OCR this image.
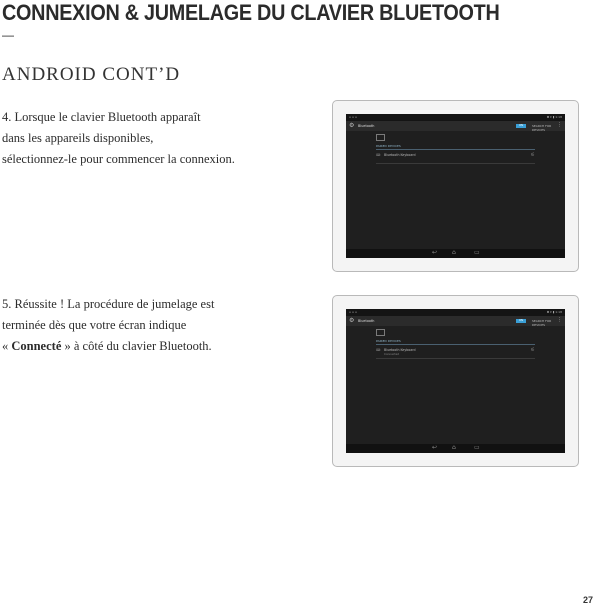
CONNEXION & JUMELAGE DU CLAVIER BLUETOOTH
—
ANDROID CONT’D
4. Lorsque le clavier Bluetooth apparaît
dans les appareils disponibles,
sélectionnez-le pour commencer la connexion.
5. Réussite ! La procédure de jumelage est
terminée dès que votre écran indique
« Connecté » à côté du clavier Bluetooth.
▫ ▫ ▫	✱ ▾ ▮ 1:18
⚙ Bluetooth	ON	SEARCH FOR DEVICES
⋮
PAIRED DEVICES
⌨ Bluetooth Keyboard	⚟
↩ ⌂	▭
▫ ▫ ▫	✱ ▾ ▮ 1:18
⚙ Bluetooth	ON	SEARCH FOR DEVICES
⋮
PAIRED DEVICES
⌨ Bluetooth Keyboard
Connected
⚟
↩ ⌂	▭
27
